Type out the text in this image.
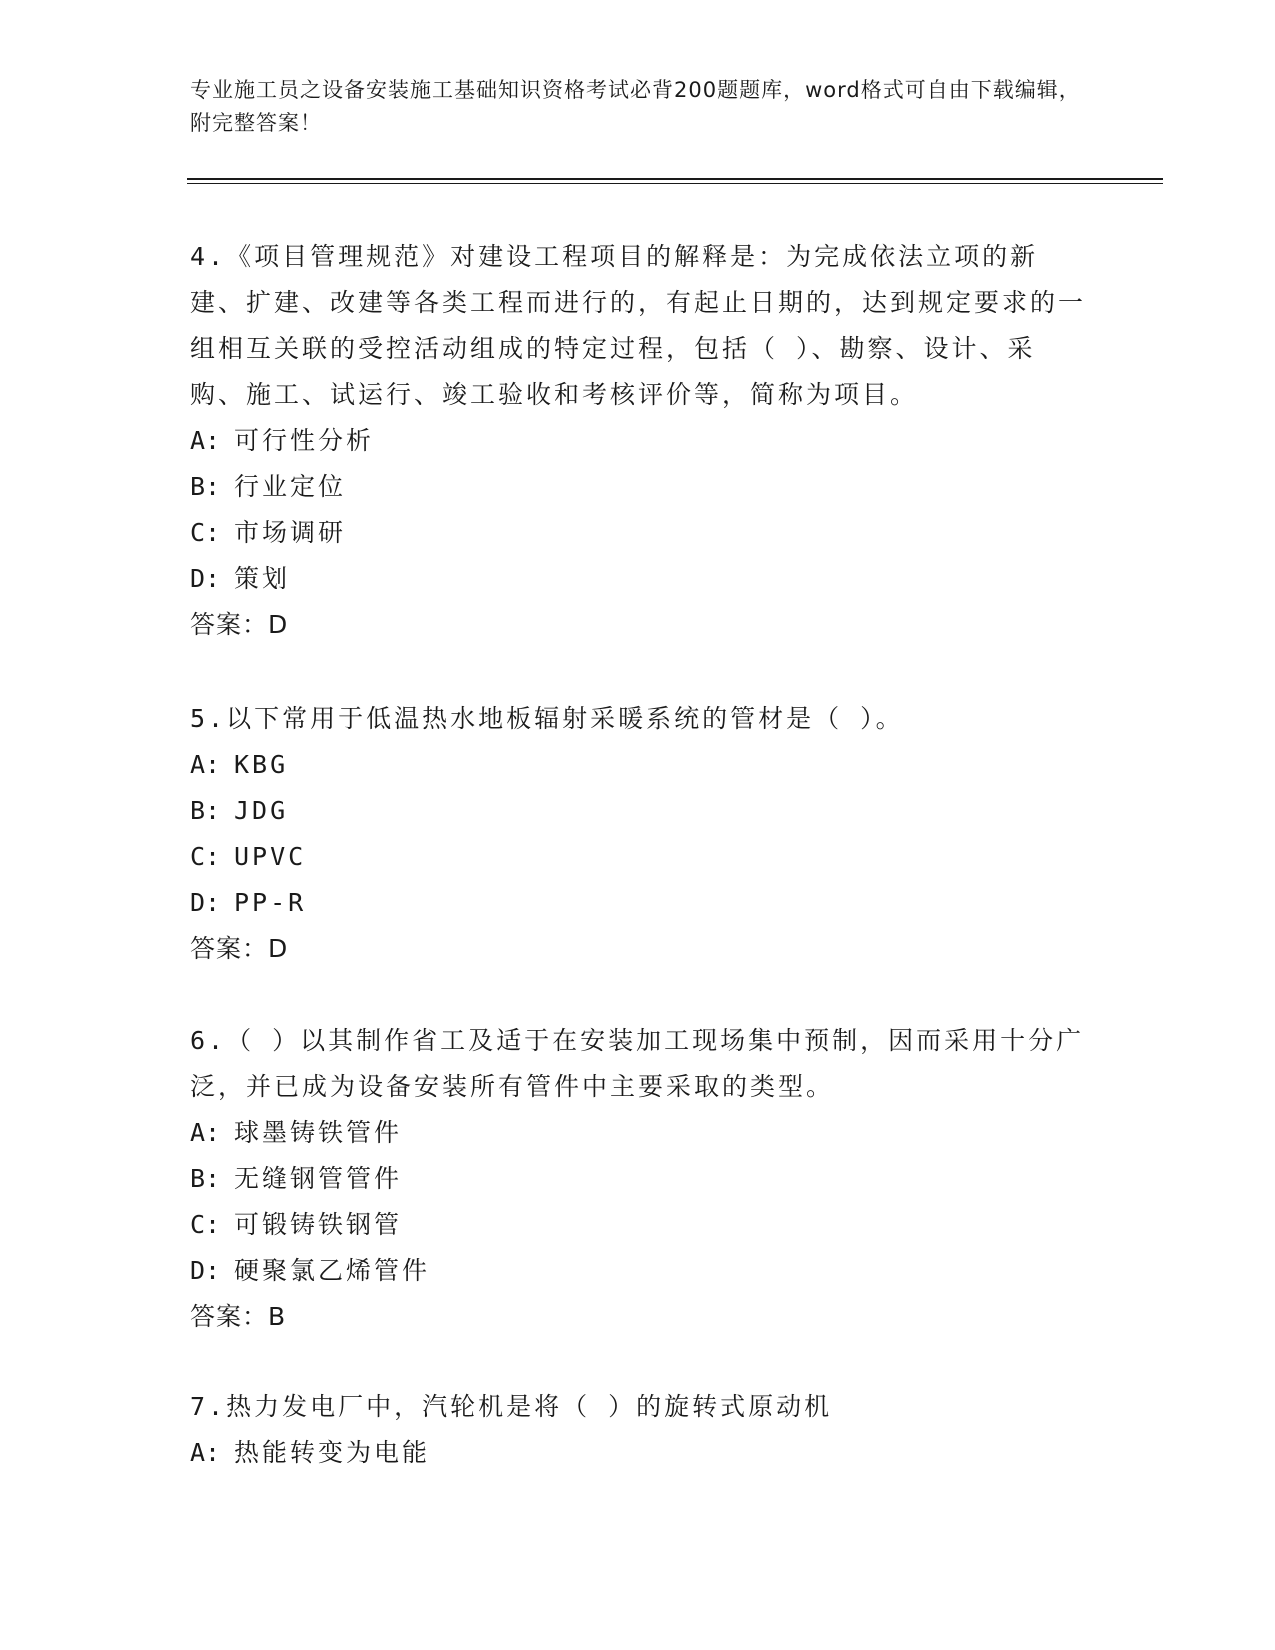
专业施工员之设备安装施工基础知识资格考试必背200题题库，word格式可自由下载编辑，附完整答案！

4.《项目管理规范》对建设工程项目的解释是：为完成依法立项的新建、扩建、改建等各类工程而进行的，有起止日期的，达到规定要求的一组相互关联的受控活动组成的特定过程，包括（ ）、勘察、设计、采购、施工、试运行、竣工验收和考核评价等，简称为项目。

A: 可行性分析

B: 行业定位

C: 市场调研

D: 策划

答案：D

5.以下常用于低温热水地板辐射采暖系统的管材是（ ）。

A: KBG

B: JDG

C: UPVC

D: PP-R

答案：D

6.（ ）以其制作省工及适于在安装加工现场集中预制，因而采用十分广泛，并已成为设备安装所有管件中主要采取的类型。

A: 球墨铸铁管件

B: 无缝钢管管件

C: 可锻铸铁钢管

D: 硬聚氯乙烯管件

答案：B

7.热力发电厂中，汽轮机是将（ ）的旋转式原动机

A: 热能转变为电能
